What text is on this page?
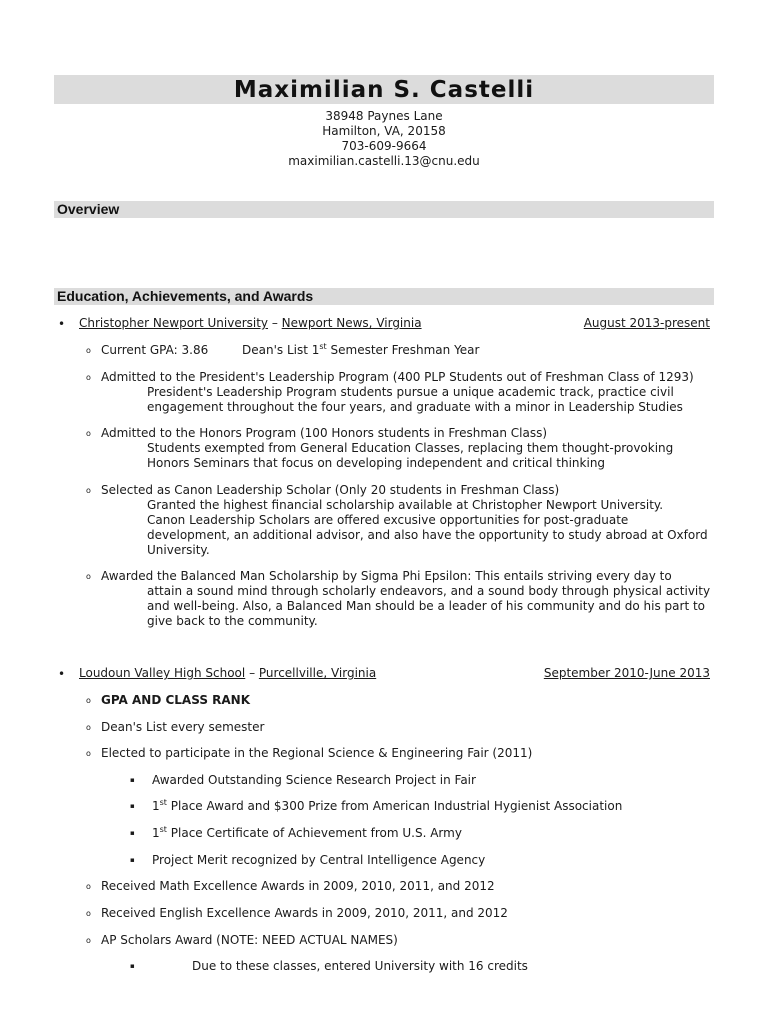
Maximilian S. Castelli
38948 Paynes Lane
Hamilton, VA, 20158
703-609-9664
maximilian.castelli.13@cnu.edu
Overview
Education, Achievements, and Awards
• Christopher Newport University – Newport News, Virginia	August 2013-present
o Current GPA: 3.86	Dean's List 1st Semester Freshman Year
o Admitted to the President's Leadership Program (400 PLP Students out of Freshman Class of 1293)
President's Leadership Program students pursue a unique academic track, practice civil
engagement throughout the four years, and graduate with a minor in Leadership Studies
o Admitted to the Honors Program (100 Honors students in Freshman Class)
Students exempted from General Education Classes, replacing them thought-provoking
Honors Seminars that focus on developing independent and critical thinking
o Selected as Canon Leadership Scholar (Only 20 students in Freshman Class)
Granted the highest financial scholarship available at Christopher Newport University.
Canon Leadership Scholars are offered excusive opportunities for post-graduate
development, an additional advisor, and also have the opportunity to study abroad at Oxford
University.
o Awarded the Balanced Man Scholarship by Sigma Phi Epsilon: This entails striving every day to
attain a sound mind through scholarly endeavors, and a sound body through physical activity
and well-being. Also, a Balanced Man should be a leader of his community and do his part to
give back to the community.
• Loudoun Valley High School – Purcellville, Virginia	September 2010-June 2013
o GPA AND CLASS RANK
o Dean's List every semester
o Elected to participate in the Regional Science & Engineering Fair (2011)
▪ Awarded Outstanding Science Research Project in Fair
▪ 1st Place Award and $300 Prize from American Industrial Hygienist Association
▪ 1st Place Certificate of Achievement from U.S. Army
▪ Project Merit recognized by Central Intelligence Agency
o Received Math Excellence Awards in 2009, 2010, 2011, and 2012
o Received English Excellence Awards in 2009, 2010, 2011, and 2012
o AP Scholars Award (NOTE: NEED ACTUAL NAMES)
▪	Due to these classes, entered University with 16 credits
